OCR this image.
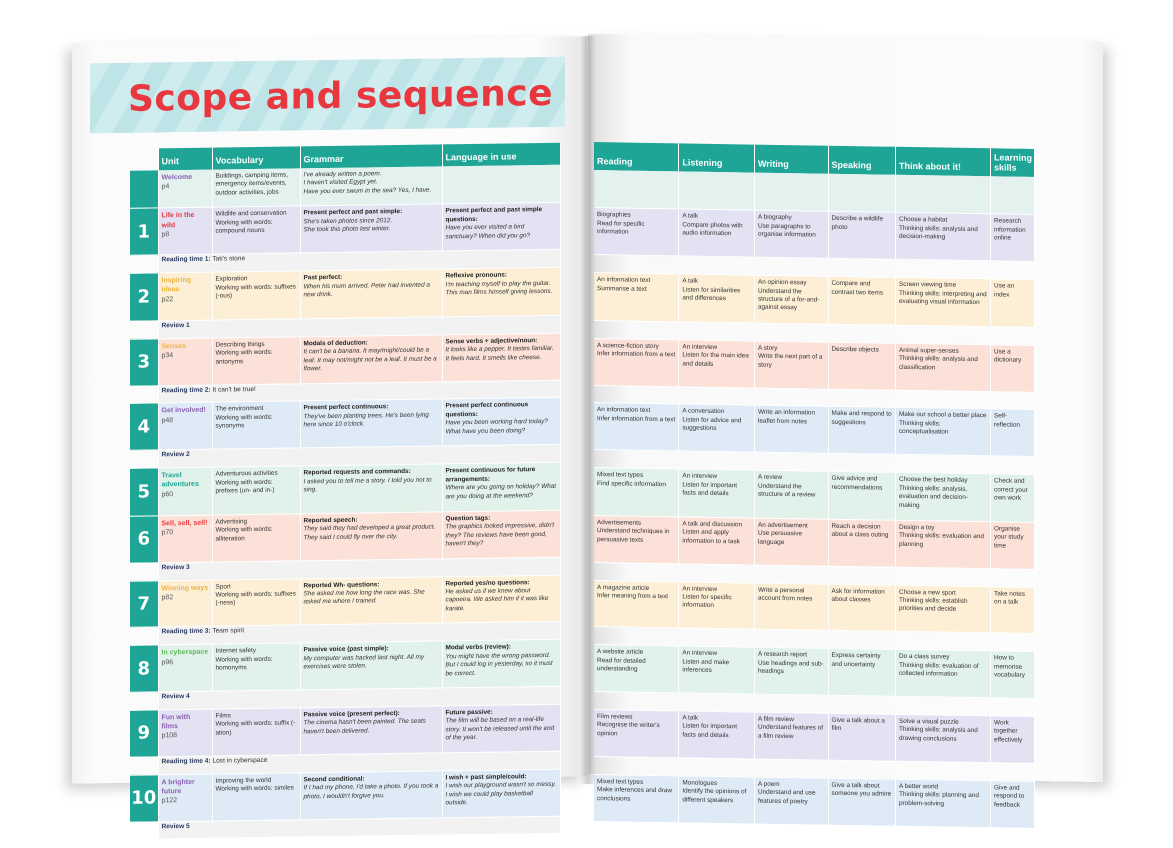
Scope and sequence
	Unit	Vocabulary	Grammar	Language in use
	Welcome
p4	Buildings, camping items, emergency items/events, outdoor activities, jobs	I've already written a poem.
I haven't visited Egypt yet.
Have you ever swum in the sea? Yes, I have.	

1	Life in the wild
p8	Wildlife and conservation
Working with words: compound nouns	Present perfect and past simple:
She's taken photos since 2012.
She took this photo last winter.	Present perfect and past simple questions:
Have you ever visited a bird sanctuary? When did you go?

	Reading time 1: Tati's stone			
2	Inspiring ideas
p22	Exploration
Working with words: suffixes (-ous)	Past perfect:
When his mum arrived, Peter had invented a new drink.	Reflexive pronouns:
I'm teaching myself to play the guitar. This man films himself giving lessons.

	Review 1			
3	Senses
p34	Describing things
Working with words: antonyms	Modals of deduction:
It can't be a banana. It may/might/could be a leaf. It may not/might not be a leaf. It must be a flower.	Sense verbs + adjective/noun:
It looks like a pepper. It tastes familiar. It feels hard. It smells like cheese.

	Reading time 2: It can't be true!			
4	Get involved!
p48	The environment
Working with words: synonyms	Present perfect continuous:
They've been planting trees. He's been lying here since 10 o'clock.	Present perfect continuous questions:
Have you been working hard today? What have you been doing?

	Review 2			
5	Travel adventures
p60	Adventurous activities
Working with words: prefixes (un- and in-)	Reported requests and commands:
I asked you to tell me a story. I told you not to sing.	Present continuous for future arrangements:
Where are you going on holiday? What are you doing at the weekend?

6	Sell, sell, sell!
p70	Advertising
Working with words: alliteration	Reported speech:
They said they had developed a great product. They said I could fly over the city.	Question tags:
The graphics looked impressive, didn't they? The reviews have been good, haven't they?

	Review 3			
7	Winning ways
p82	Sport
Working with words: suffixes (-ness)	Reported Wh- questions:
She asked me how long the race was. She asked me where I trained.	Reported yes/no questions:
He asked us if we knew about capoeira. We asked him if it was like karate.

	Reading time 3: Team spirit			
8	In cyberspace
p96	Internet safety
Working with words: homonyms	Passive voice (past simple):
My computer was hacked last night. All my exercises were stolen.	Modal verbs (review):
You might have the wrong password. But I could log in yesterday, so it must be correct.

	Review 4			
9	Fun with films
p108	Films
Working with words: suffix (-ation)	Passive voice (present perfect):
The cinema hasn't been painted. The seats haven't been delivered.	Future passive:
The film will be based on a real-life story. It won't be released until the end of the year.

	Reading time 4: Lost in cyberspace			
10	A brighter future
p122	Improving the world
Working with words: similes	Second conditional:
If I had my phone, I'd take a photo. If you took a photo, I wouldn't forgive you.	I wish + past simple/could:
I wish our playground wasn't so messy. I wish we could play basketball outside.

	Review 5			
Reading	Listening	Writing	Speaking	Think about it!	Learning skills

Biographies
Read for specific information	A talk
Compare photos with audio information	A biography
Use paragraphs to organise information	Describe a wildlife photo	Choose a habitat
Thinking skills: analysis and decision-making	Research information online

An information text
Summarise a text	A talk
Listen for similarities and differences	An opinion essay
Understand the structure of a for-and-against essay	Compare and contrast two items	Screen viewing time
Thinking skills: interpreting and evaluating visual information	Use an index

A science-fiction story
Infer information from a text	An interview
Listen for the main idea and details	A story
Write the next part of a story	Describe objects	Animal super-senses
Thinking skills: analysis and classification	Use a dictionary

An information text
Infer information from a text	A conversation
Listen for advice and suggestions	Write an information leaflet from notes	Make and respond to suggestions	Make our school a better place
Thinking skills: conceptualisation	Self-reflection

Mixed text types
Find specific information	An interview
Listen for important facts and details	A review
Understand the structure of a review	Give advice and recommendations	Choose the best holiday
Thinking skills: analysis, evaluation and decision-making	Check and correct your own work

Advertisements
Understand techniques in persuasive texts	A talk and discussion
Listen and apply information to a task	An advertisement
Use persuasive language	Reach a decision about a class outing	Design a toy
Thinking skills: evaluation and planning	Organise your study time

A magazine article
Infer meaning from a text	An interview
Listen for specific information	Write a personal account from notes	Ask for information about classes	Choose a new sport
Thinking skills: establish priorities and decide	Take notes on a talk

A website article
Read for detailed understanding	An interview
Listen and make inferences	A research report
Use headings and sub-headings	Express certainty and uncertainty	Do a class survey
Thinking skills: evaluation of collected information	How to memorise vocabulary

Film reviews
Recognise the writer's opinion	A talk
Listen for important facts and details	A film review
Understand features of a film review	Give a talk about a film	Solve a visual puzzle
Thinking skills: analysis and drawing conclusions	Work together effectively

Mixed text types
Make inferences and draw conclusions	Monologues
Identify the opinions of different speakers	A poem
Understand and use features of poetry	Give a talk about someone you admire	A better world
Thinking skills: planning and problem-solving	Give and respond to feedback
